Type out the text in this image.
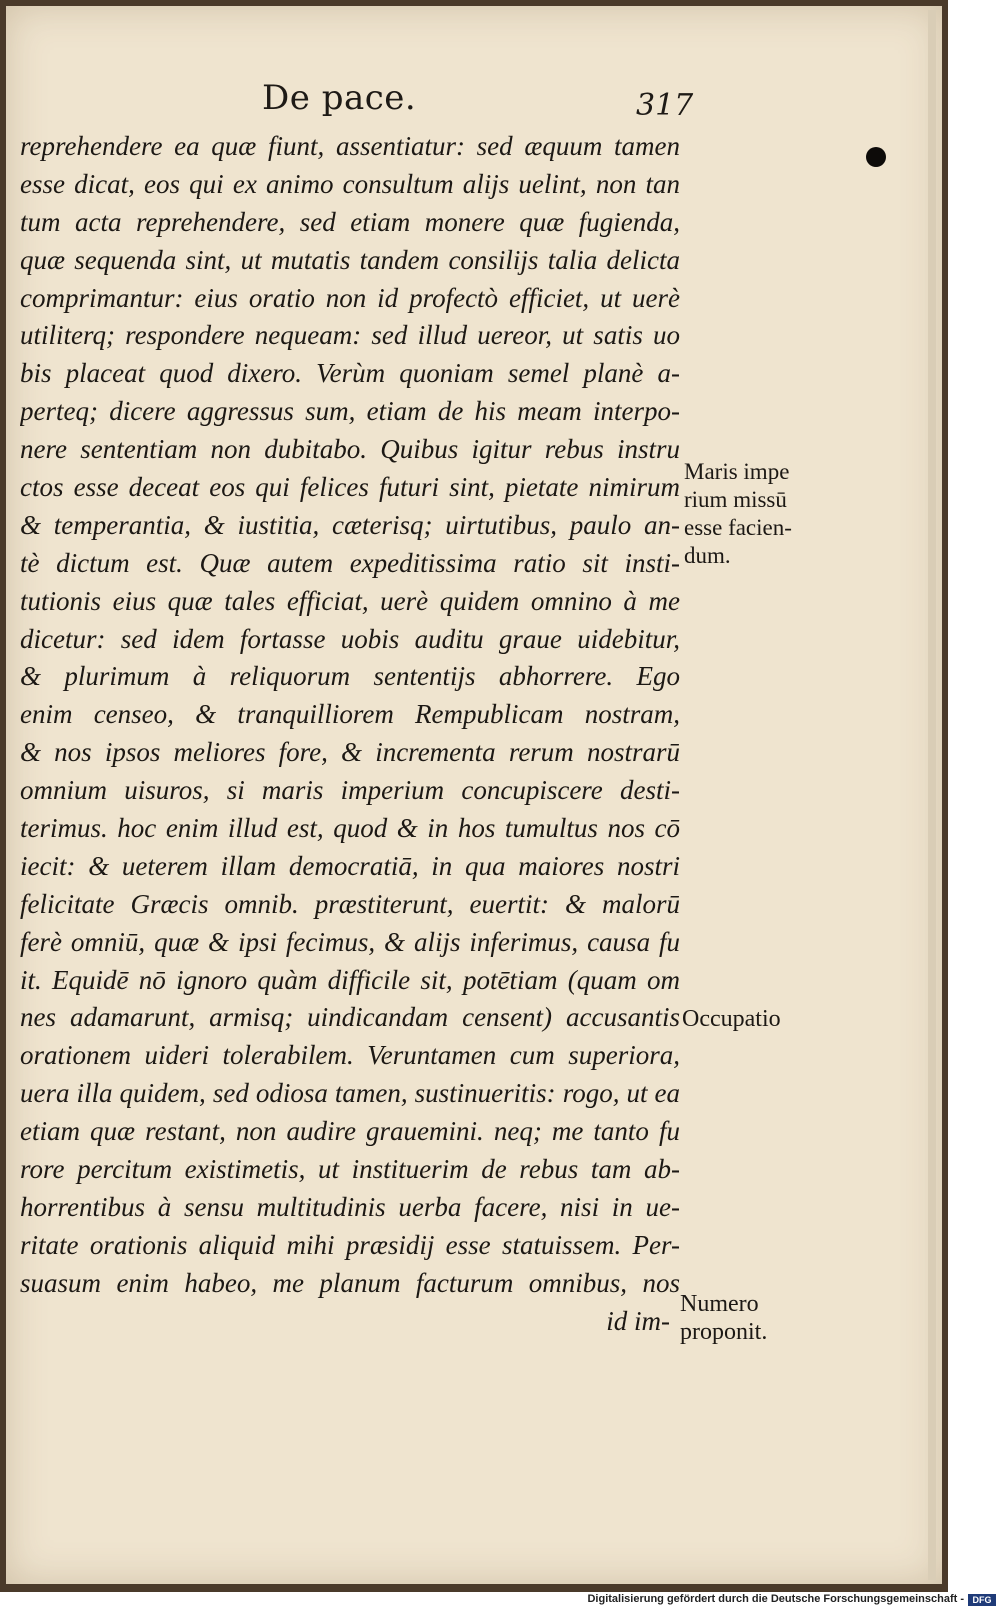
De pace.	317
reprehendere ea quæ fiunt, assentiatur: sed æquum tamen
esse dicat, eos qui ex animo consultum alijs uelint, non tan
tum acta reprehendere, sed etiam monere quæ fugienda,
quæ sequenda sint, ut mutatis tandem consilijs talia delicta
comprimantur: eius oratio non id profectò efficiet, ut uerè
utiliterq; respondere nequeam: sed illud uereor, ut satis uo
bis placeat quod dixero. Verùm quoniam semel planè a-
perteq; dicere aggressus sum, etiam de his meam interpo-
nere sententiam non dubitabo. Quibus igitur rebus instru
ctos esse deceat eos qui felices futuri sint, pietate nimirum
& temperantia, & iustitia, cæterisq; uirtutibus, paulo an-
tè dictum est. Quæ autem expeditissima ratio sit insti-
tutionis eius quæ tales efficiat, uerè quidem omnino à me
dicetur: sed idem fortasse uobis auditu graue uidebitur,
& plurimum à reliquorum sententijs abhorrere. Ego
enim censeo, & tranquilliorem Rempublicam nostram,
& nos ipsos meliores fore, & incrementa rerum nostrarū
omnium uisuros, si maris imperium concupiscere desti-
terimus. hoc enim illud est, quod & in hos tumultus nos cō
iecit: & ueterem illam democratiā, in qua maiores nostri
felicitate Græcis omnib. præstiterunt, euertit: & malorū
ferè omniū, quæ & ipsi fecimus, & alijs inferimus, causa fu
it. Equidē nō ignoro quàm difficile sit, potētiam (quam om
nes adamarunt, armisq; uindicandam censent) accusantis
orationem uideri tolerabilem. Veruntamen cum superiora,
uera illa quidem, sed odiosa tamen, sustinueritis: rogo, ut ea
etiam quæ restant, non audire grauemini. neq; me tanto fu
rore percitum existimetis, ut instituerim de rebus tam ab-
horrentibus à sensu multitudinis uerba facere, nisi in ue-
ritate orationis aliquid mihi præsidij esse statuissem. Per-
suasum enim habeo, me planum facturum omnibus, nos
id im-
Maris impe
rium missū
esse facien-
dum.
Occupatio
Numero
proponit.
Digitalisierung gefördert durch die Deutsche Forschungsgemeinschaft - DFG
